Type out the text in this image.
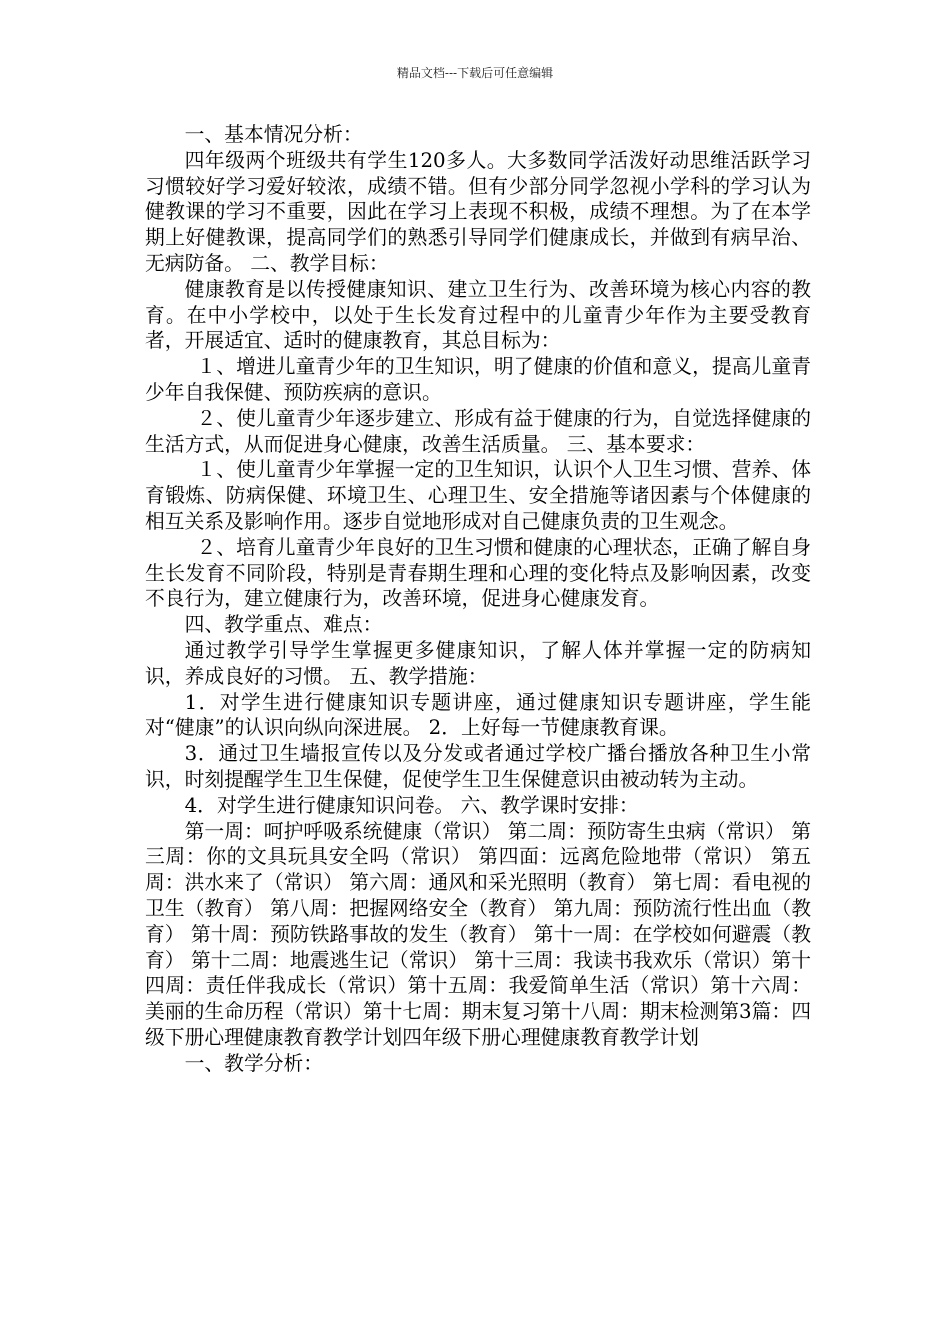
精品文档---下载后可任意编辑

一、基本情况分析：

四年级两个班级共有学生120多人。大多数同学活泼好动思维活跃学习习惯较好学习爱好较浓，成绩不错。但有少部分同学忽视小学科的学习认为健教课的学习不重要，因此在学习上表现不积极，成绩不理想。为了在本学期上好健教课，提高同学们的熟悉引导同学们健康成长，并做到有病早治、无病防备。 二、教学目标：

健康教育是以传授健康知识、建立卫生行为、改善环境为核心内容的教育。在中小学校中，以处于生长发育过程中的儿童青少年作为主要受教育者，开展适宜、适时的健康教育，其总目标为：

１、增进儿童青少年的卫生知识，明了健康的价值和意义，提高儿童青少年自我保健、预防疾病的意识。

２、使儿童青少年逐步建立、形成有益于健康的行为，自觉选择健康的生活方式，从而促进身心健康，改善生活质量。 三、基本要求：

１、使儿童青少年掌握一定的卫生知识，认识个人卫生习惯、营养、体育锻炼、防病保健、环境卫生、心理卫生、安全措施等诸因素与个体健康的相互关系及影响作用。逐步自觉地形成对自己健康负责的卫生观念。

２、培育儿童青少年良好的卫生习惯和健康的心理状态，正确了解自身生长发育不同阶段，特别是青春期生理和心理的变化特点及影响因素，改变不良行为，建立健康行为，改善环境，促进身心健康发育。

四、教学重点、难点：

通过教学引导学生掌握更多健康知识，了解人体并掌握一定的防病知识，养成良好的习惯。 五、教学措施：

1．对学生进行健康知识专题讲座，通过健康知识专题讲座，学生能对“健康”的认识向纵向深进展。 2．上好每一节健康教育课。

3．通过卫生墙报宣传以及分发或者通过学校广播台播放各种卫生小常识，时刻提醒学生卫生保健，促使学生卫生保健意识由被动转为主动。

4．对学生进行健康知识问卷。 六、教学课时安排：

第一周：呵护呼吸系统健康（常识） 第二周：预防寄生虫病（常识） 第三周：你的文具玩具安全吗（常识） 第四面：远离危险地带（常识） 第五周：洪水来了（常识） 第六周：通风和采光照明（教育） 第七周：看电视的卫生（教育） 第八周：把握网络安全（教育） 第九周：预防流行性出血（教育） 第十周：预防铁路事故的发生（教育） 第十一周：在学校如何避震（教育） 第十二周：地震逃生记（常识） 第十三周：我读书我欢乐（常识）第十四周：责任伴我成长（常识）第十五周：我爱简单生活（常识）第十六周：美丽的生命历程（常识）第十七周：期末复习第十八周：期末检测第3篇：四级下册心理健康教育教学计划四年级下册心理健康教育教学计划

一、教学分析：
